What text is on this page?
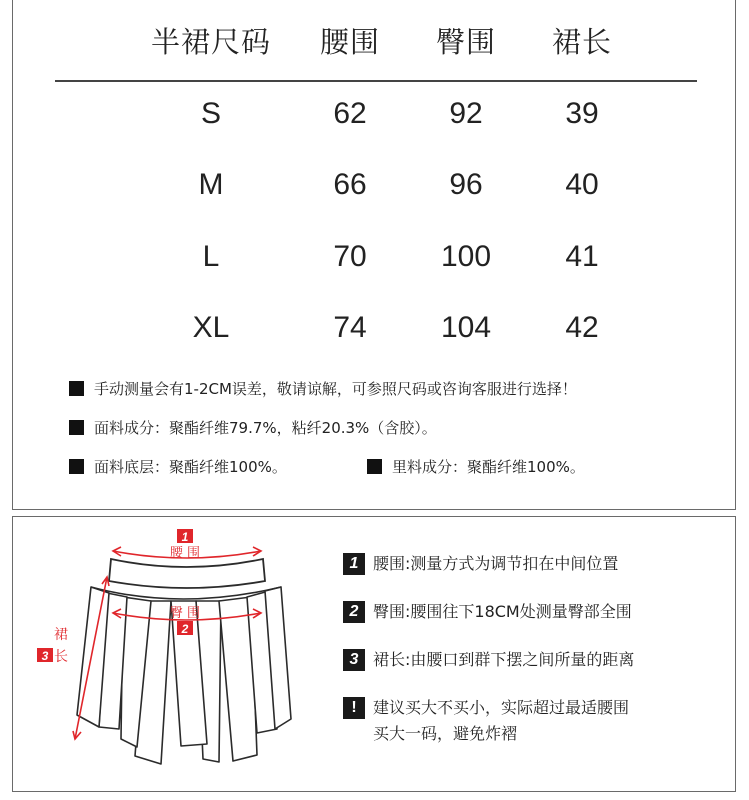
半裙尺码	腰围	臀围	裙长
S	62	92	39
M	66	96	40
L	70	100	41
XL	74	104	42
手动测量会有1-2CM误差，敬请谅解，可参照尺码或咨询客服进行选择！
面料成分：聚酯纤维79.7%，粘纤20.3%（含胶）。
面料底层：聚酯纤维100%。	里料成分：聚酯纤维100%。
1
腰 围
臀 围
2
裙
3 长
1 腰围:测量方式为调节扣在中间位置
2 臀围:腰围往下18CM处测量臀部全围
3 裙长:由腰口到群下摆之间所量的距离
!	建议买大不买小，实际超过最适腰围
买大一码，避免炸褶
